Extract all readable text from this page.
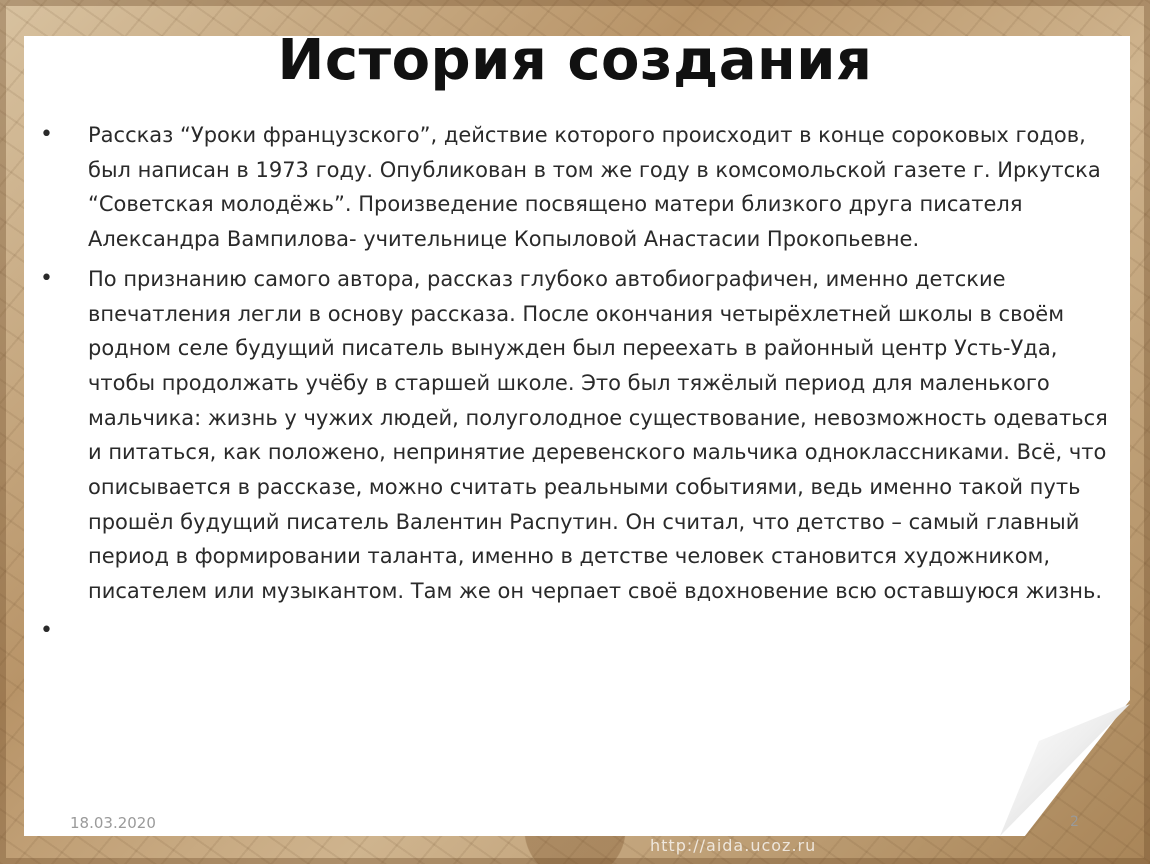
История создания
• Рассказ “Уроки французского”, действие которого происходит в конце сороковых годов, был написан в 1973 году. Опубликован в том же году в комсомольской газете г. Иркутска “Советская молодёжь”. Произведение посвящено матери близкого друга писателя Александра Вампилова- учительнице Копыловой Анастасии Прокопьевне.
• По признанию самого автора, рассказ глубоко автобиографичен, именно детские впечатления легли в основу рассказа. После окончания четырёхлетней школы в своём родном селе будущий писатель вынужден был переехать в районный центр Усть-Уда, чтобы продолжать учёбу в старшей школе. Это был тяжёлый период для маленького мальчика: жизнь у чужих людей, полуголодное существование, невозможность одеваться и питаться, как положено, непринятие деревенского мальчика одноклассниками. Всё, что описывается в рассказе, можно считать реальными событиями, ведь именно такой путь прошёл будущий писатель Валентин Распутин. Он считал, что детство – самый главный период в формировании таланта, именно в детстве человек становится художником, писателем или музыкантом. Там же он черпает своё вдохновение всю оставшуюся жизнь.
•
18.03.2020
http://aida.ucoz.ru
2
